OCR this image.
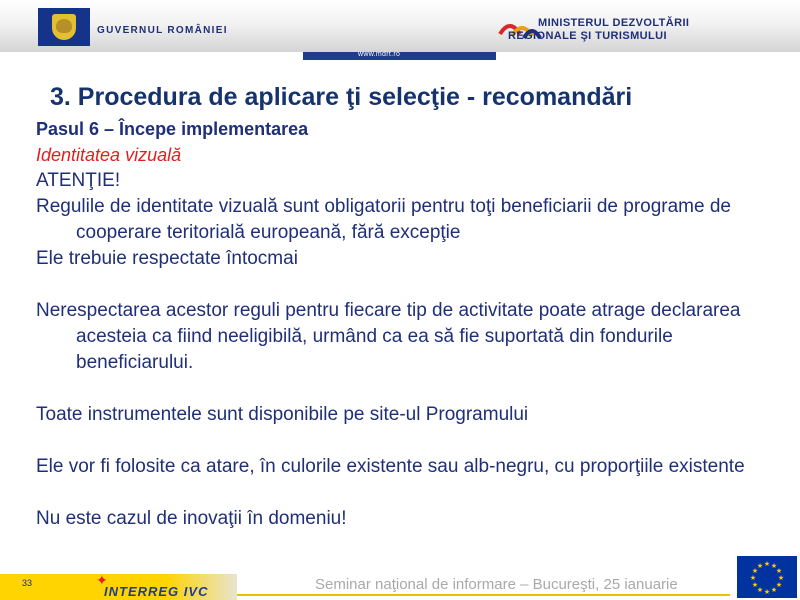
GUVERNUL ROMÂNIEI
MINISTERUL DEZVOLTĂRII
REGIONALE ŞI TURISMULUI
www.mdrt.ro
3. Procedura de aplicare ţi selecţie - recomandări

Pasul 6 – Începe implementarea

Identitatea vizuală

ATENŢIE!

Regulile de identitate vizuală sunt obligatorii pentru toţi beneficiarii de programe de cooperare teritorială europeană, fără excepţie

Ele trebuie respectate întocmai

Nerespectarea acestor reguli pentru fiecare tip de activitate poate atrage declararea acesteia ca fiind neeligibilă, urmând ca ea să fie suportată din fondurile beneficiarului.

Toate instrumentele sunt disponibile pe site-ul Programului

Ele vor fi folosite ca atare, în culorile existente sau alb-negru, cu proporţiile existente

Nu este cazul de inovaţii în domeniu!

33	✦
INTERREG IVC	Seminar naţional de informare – Bucureşti, 25 ianuarie
★ ★
★
★
★
★
★
★
★
★
★
★
